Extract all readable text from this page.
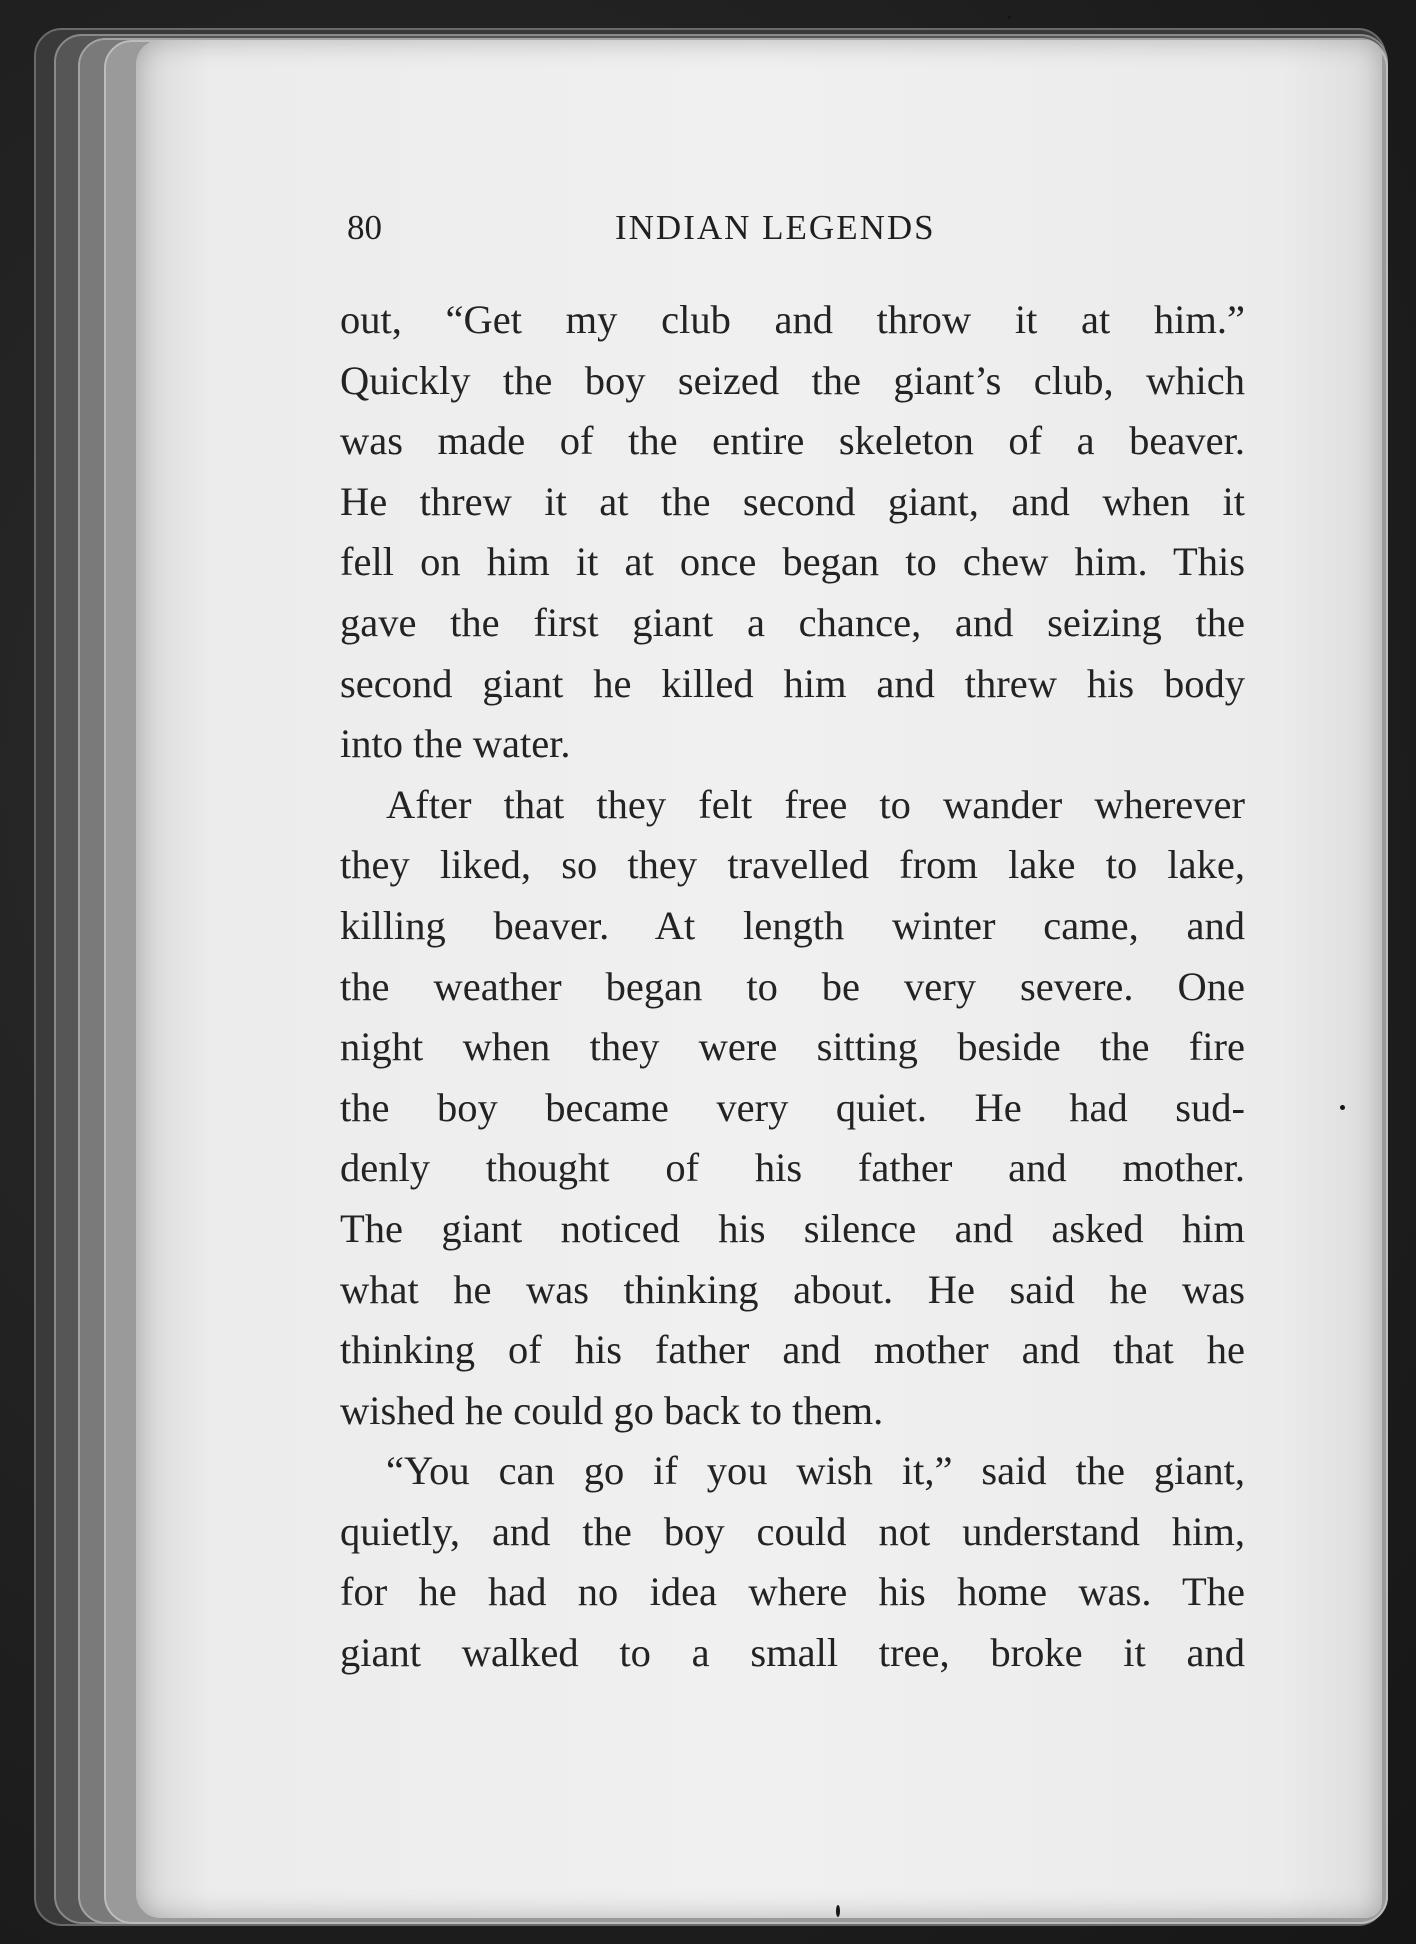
80	INDIAN LEGENDS
out, “Get my club and throw it at him.”
Quickly the boy seized the giant’s club, which
was made of the entire skeleton of a beaver.
He threw it at the second giant, and when it
fell on him it at once began to chew him. This
gave the first giant a chance, and seizing the
second giant he killed him and threw his body
into the water.
After that they felt free to wander wherever
they liked, so they travelled from lake to lake,
killing beaver. At length winter came, and
the weather began to be very severe. One
night when they were sitting beside the fire
the boy became very quiet. He had sud-
denly thought of his father and mother.
The giant noticed his silence and asked him
what he was thinking about. He said he was
thinking of his father and mother and that he
wished he could go back to them.
“You can go if you wish it,” said the giant,
quietly, and the boy could not understand him,
for he had no idea where his home was. The
giant walked to a small tree, broke it and
